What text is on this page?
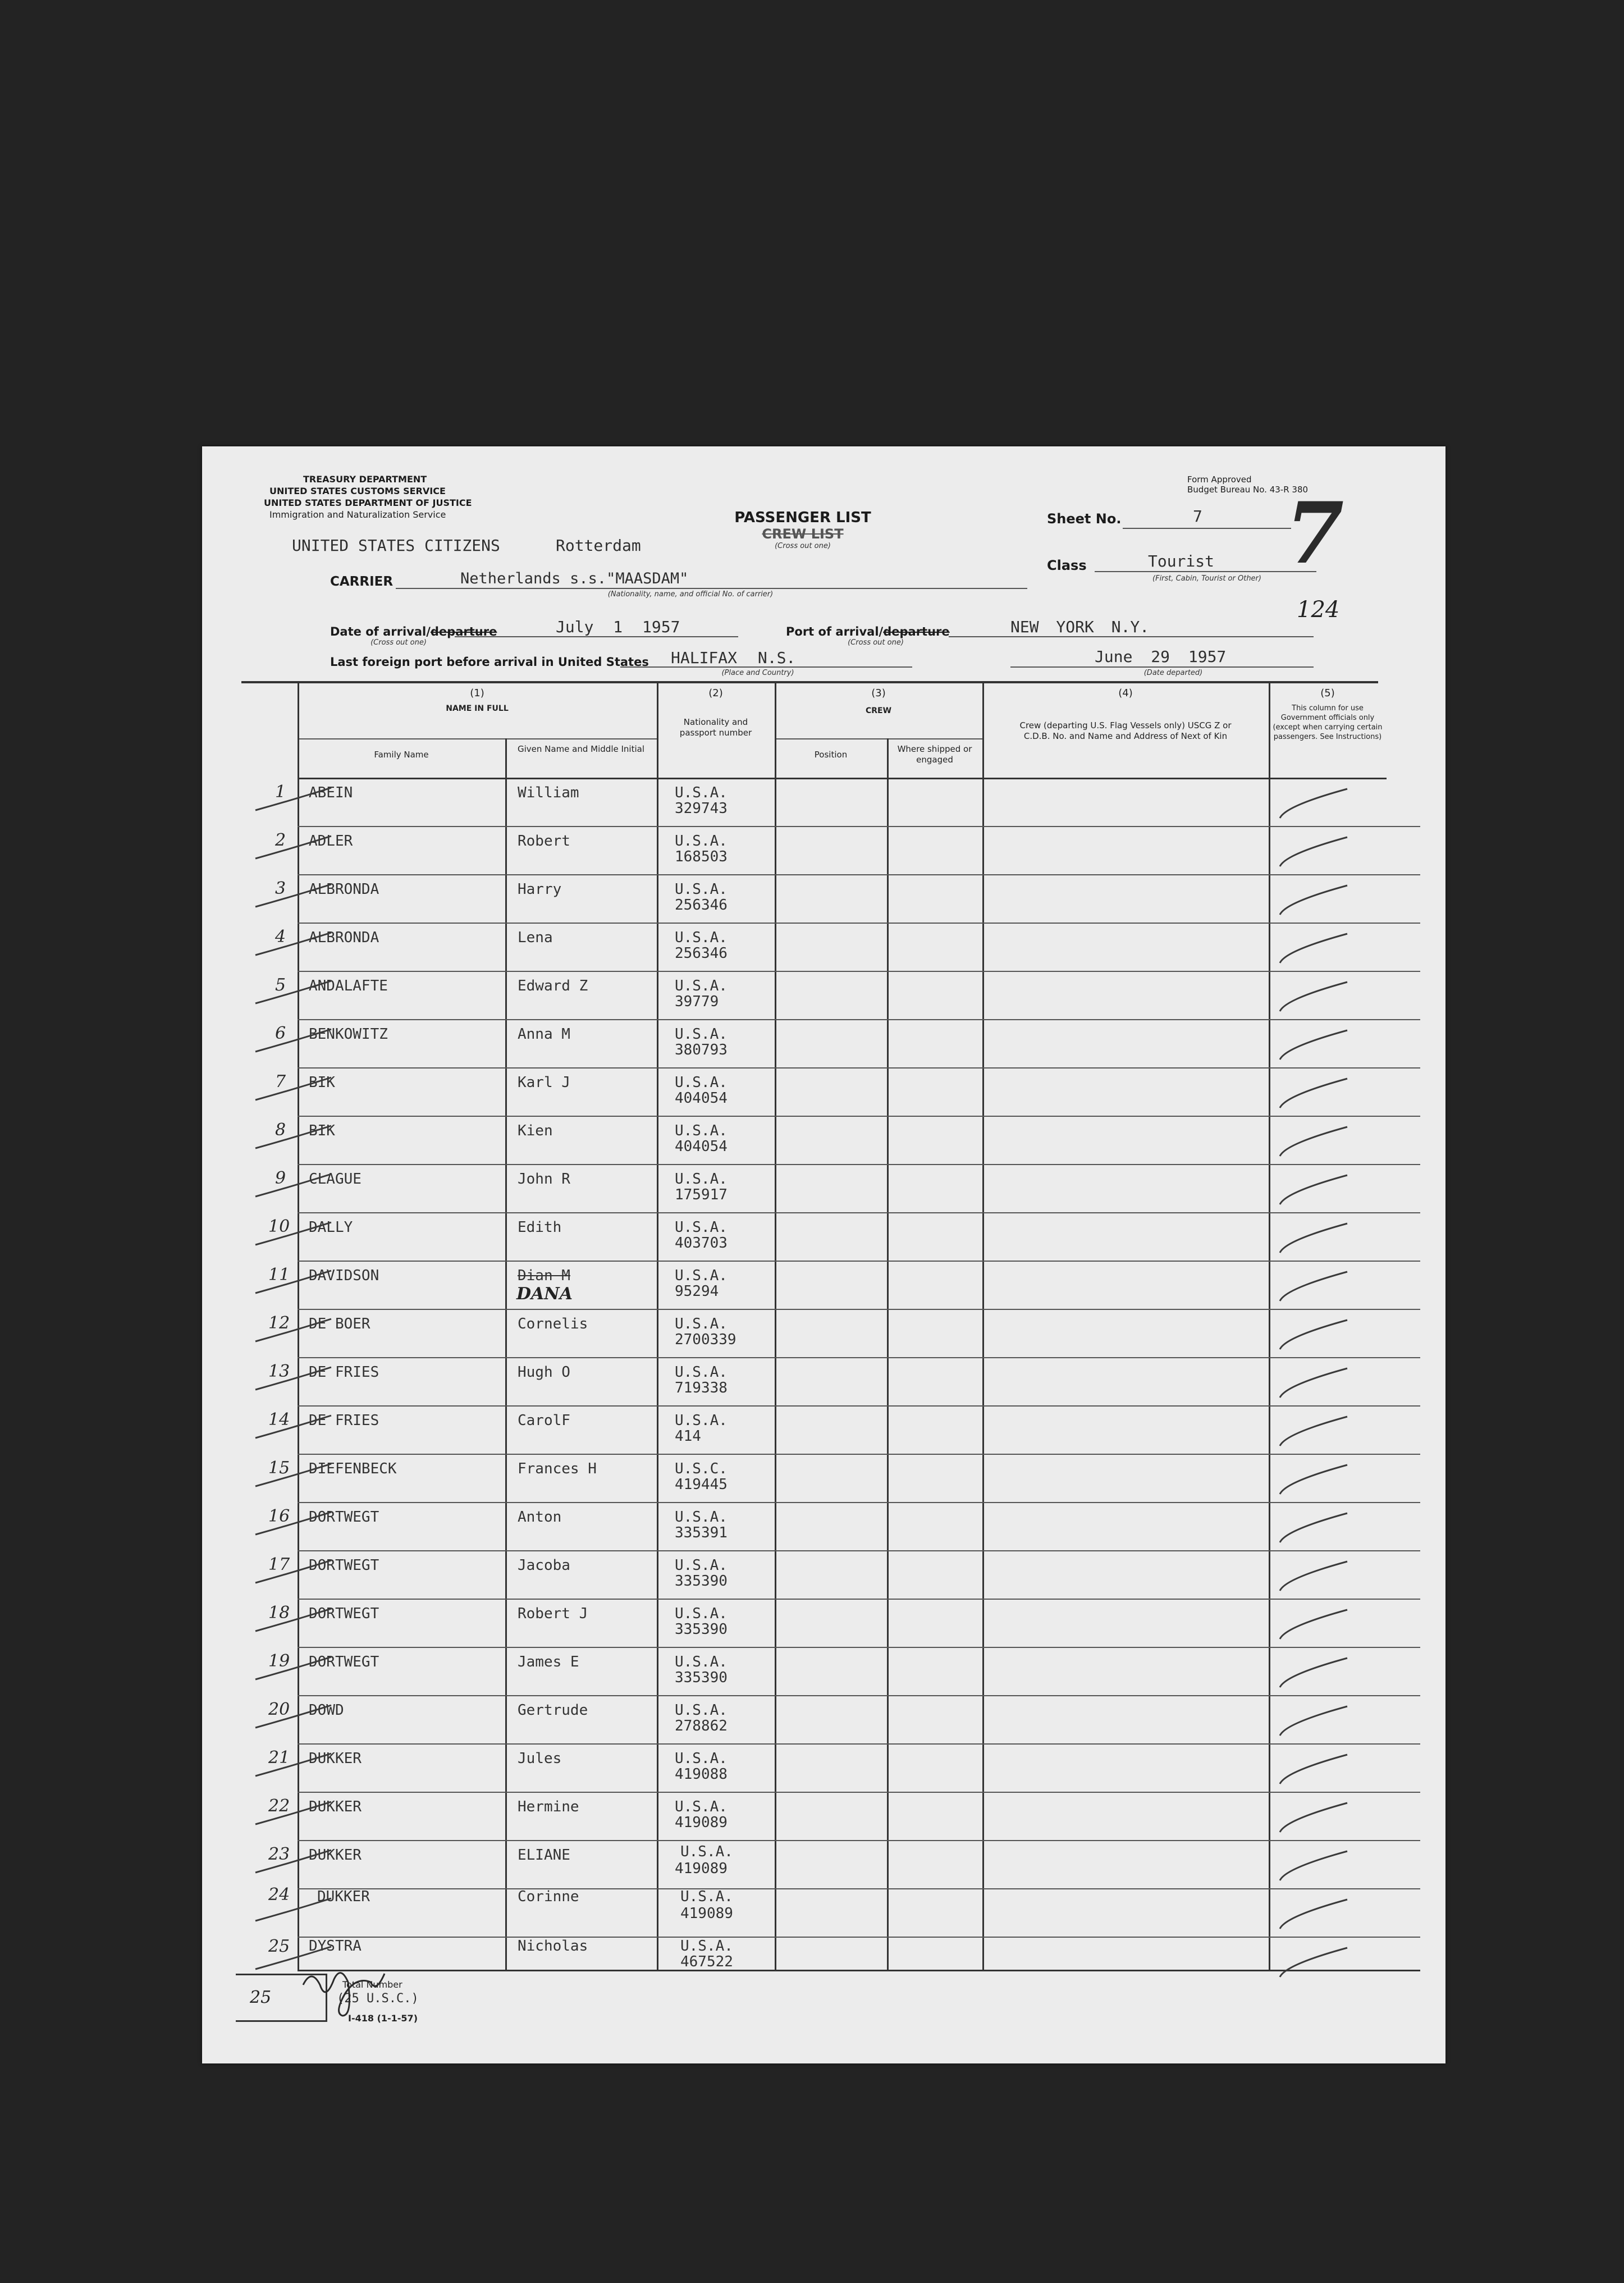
TREASURY DEPARTMENT
UNITED STATES CUSTOMS SERVICE
UNITED STATES DEPARTMENT OF JUSTICE
Immigration and Naturalization Service
Form Approved
Budget Bureau No. 43-R 380
PASSENGER LIST
CREW LIST
(Cross out one)
Sheet No.	7 7
UNITED STATES CITIZENS	Rotterdam
Class	Tourist
(First, Cabin, Tourist or Other)
CARRIER	Netherlands s.s."MAASDAM"
(Nationality, name, and official No. of carrier)
124
Date of arrival/departure	July 1 1957
(Cross out one)
Port of arrival/departure	NEW YORK N.Y.
(Cross out one)
Last foreign port before arrival in United States HALIFAX N.S.
(Place and Country)
June 29 1957
(Date departed)
(1)
NAME IN FULL
Family Name
Given Name and Middle Initial
(2)
Nationality and passport number
(3)
CREW
Position
Where shipped or engaged
(4)
Crew (departing U.S. Flag Vessels only) USCG Z or C.D.B. No. and Name and Address of Next of Kin
(5)
This column for use Government officials only (except when carrying certain passengers. See Instructions)
1 ABEIN	William	U.S.A.
329743
2 ADLER	Robert	U.S.A.
168503
3 ALBRONDA	Harry	U.S.A.
256346
4 ALBRONDA	Lena	U.S.A.
256346
5 ANDALAFTE	Edward Z	U.S.A.
39779
6 BENKOWITZ	Anna M	U.S.A.
380793
7 BIK	Karl J	U.S.A.
404054
8 BIK	Kien	U.S.A.
404054
9 CLAGUE	John R	U.S.A.
175917
10 DALLY	Edith	U.S.A.
403703
11 DAVIDSON	Dian M
DANA
U.S.A.
95294
12 DE BOER	Cornelis	U.S.A.
2700339
13 DE FRIES	Hugh O	U.S.A.
719338
14 DE FRIES	CarolF	U.S.A.
414
15 DIEFENBECK	Frances H	U.S.C.
419445
16 DORTWEGT	Anton	U.S.A.
335391
17 DORTWEGT	Jacoba	U.S.A.
335390
18 DORTWEGT	Robert J	U.S.A.
335390
19 DORTWEGT	James E	U.S.A.
335390
20 DOWD	Gertrude	U.S.A.
278862
21 DUKKER	Jules	U.S.A.
419088
22 DUKKER	Hermine	U.S.A.
419089
23 DUKKER	ELIANE	U.S.A.
419089
24 DUKKER	Corinne	U.S.A.
419089
25 DYSTRA	Nicholas	U.S.A.
467522
25
Total Number
(25 U.S.C.)
I-418 (1-1-57)
